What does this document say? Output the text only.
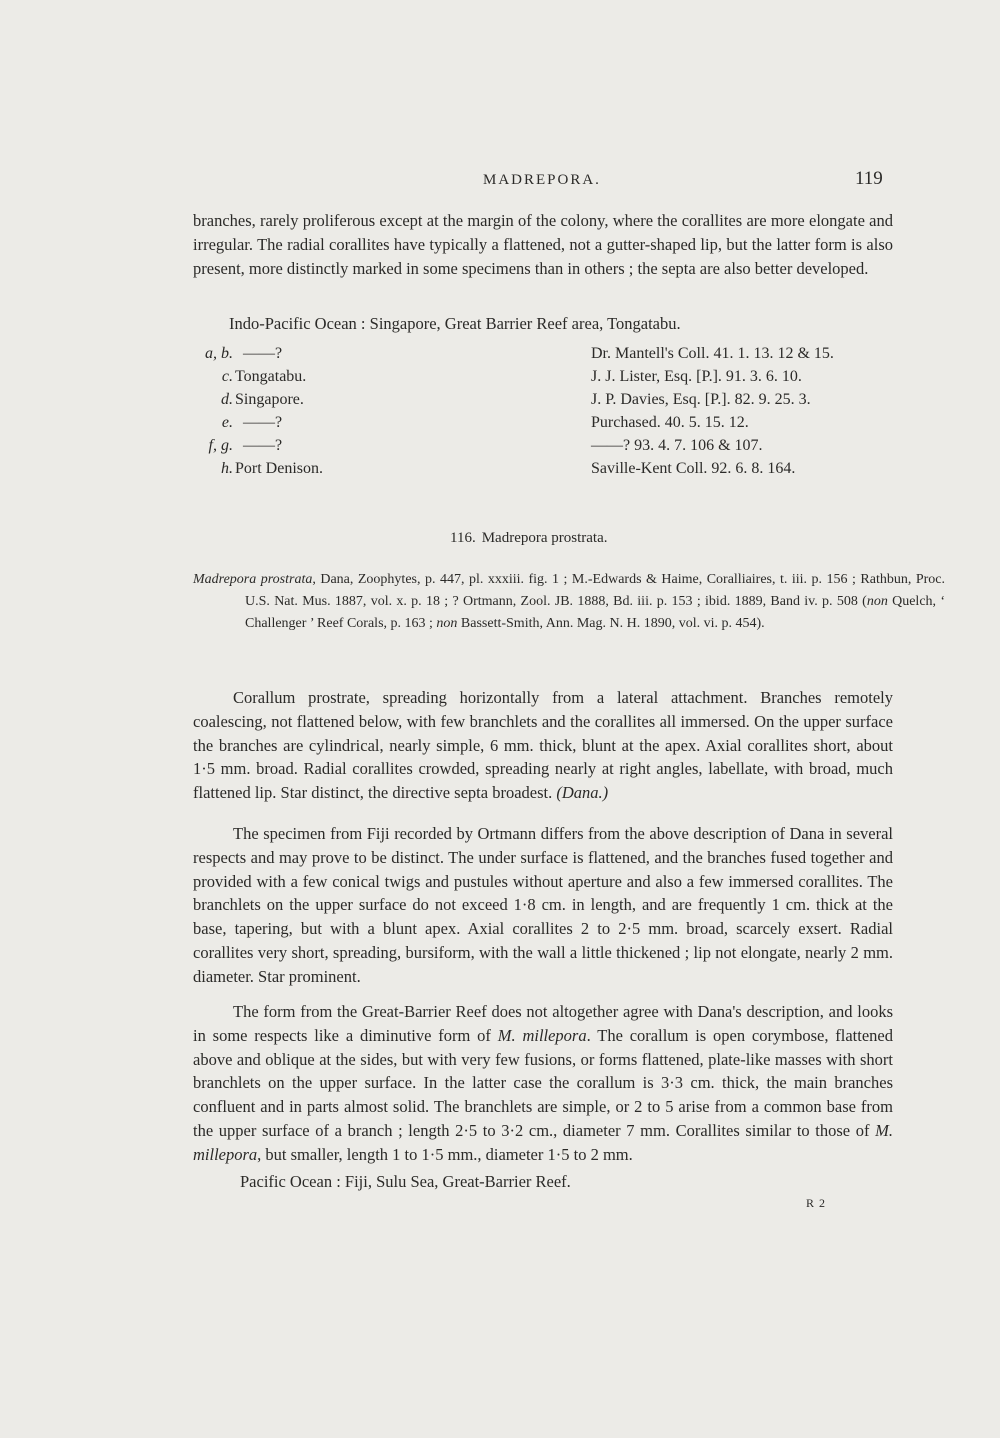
MADREPORA.	119

branches, rarely proliferous except at the margin of the colony, where the corallites are more elongate and irregular. The radial corallites have typically a flattened, not a gutter-shaped lip, but the latter form is also present, more distinctly marked in some specimens than in others ; the septa are also better developed.

Indo-Pacific Ocean : Singapore, Great Barrier Reef area, Tongatabu.

a, b. ——?	Dr. Mantell's Coll. 41. 1. 13. 12 & 15.
c. Tongatabu.	J. J. Lister, Esq. [P.]. 91. 3. 6. 10.
d. Singapore.	J. P. Davies, Esq. [P.]. 82. 9. 25. 3.
e. ——?	Purchased. 40. 5. 15. 12.
f, g. ——?	——? 93. 4. 7. 106 & 107.
h. Port Denison.	Saville-Kent Coll. 92. 6. 8. 164.

116. Madrepora prostrata.

Madrepora prostrata, Dana, Zoophytes, p. 447, pl. xxxiii. fig. 1 ; M.-Edwards & Haime, Coralliaires, t. iii. p. 156 ; Rathbun, Proc. U.S. Nat. Mus. 1887, vol. x. p. 18 ; ? Ortmann, Zool. JB. 1888, Bd. iii. p. 153 ; ibid. 1889, Band iv. p. 508 (non Quelch, ‘ Challenger ’ Reef Corals, p. 163 ; non Bassett-Smith, Ann. Mag. N. H. 1890, vol. vi. p. 454).

Corallum prostrate, spreading horizontally from a lateral attachment. Branches remotely coalescing, not flattened below, with few branchlets and the corallites all immersed. On the upper surface the branches are cylindrical, nearly simple, 6 mm. thick, blunt at the apex. Axial corallites short, about 1·5 mm. broad. Radial corallites crowded, spreading nearly at right angles, labellate, with broad, much flattened lip. Star distinct, the directive septa broadest. (Dana.)

The specimen from Fiji recorded by Ortmann differs from the above description of Dana in several respects and may prove to be distinct. The under surface is flattened, and the branches fused together and provided with a few conical twigs and pustules without aperture and also a few immersed corallites. The branchlets on the upper surface do not exceed 1·8 cm. in length, and are frequently 1 cm. thick at the base, tapering, but with a blunt apex. Axial corallites 2 to 2·5 mm. broad, scarcely exsert. Radial corallites very short, spreading, bursiform, with the wall a little thickened ; lip not elongate, nearly 2 mm. diameter. Star prominent.

The form from the Great-Barrier Reef does not altogether agree with Dana's description, and looks in some respects like a diminutive form of M. millepora. The corallum is open corymbose, flattened above and oblique at the sides, but with very few fusions, or forms flattened, plate-like masses with short branchlets on the upper surface. In the latter case the corallum is 3·3 cm. thick, the main branches confluent and in parts almost solid. The branchlets are simple, or 2 to 5 arise from a common base from the upper surface of a branch ; length 2·5 to 3·2 cm., diameter 7 mm. Corallites similar to those of M. millepora, but smaller, length 1 to 1·5 mm., diameter 1·5 to 2 mm.

Pacific Ocean : Fiji, Sulu Sea, Great-Barrier Reef.

R 2
